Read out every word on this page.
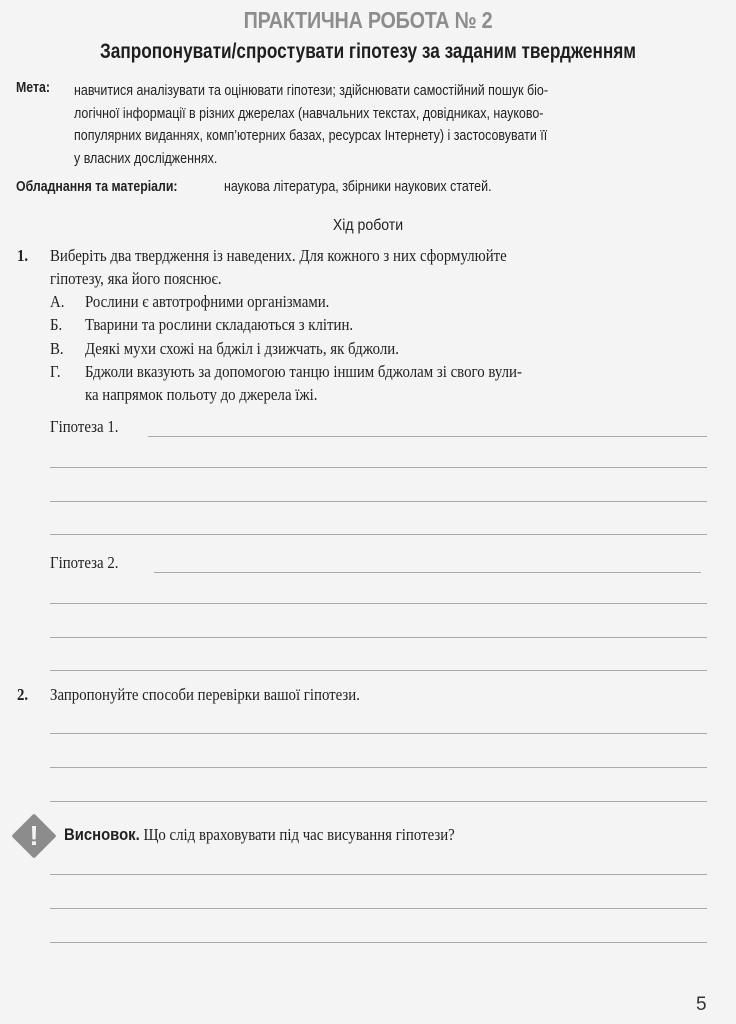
ПРАКТИЧНА РОБОТА № 2
Запропонувати/спростувати гіпотезу за заданим твердженням
Мета: навчитися аналізувати та оцінювати гіпотези; здійснювати самостійний пошук біо-
логічної інформації в різних джерелах (навчальних текстах, довідниках, науково-
популярних виданнях, комп’ютерних базах, ресурсах Інтернету) і застосовувати її
у власних дослідженнях.
Обладнання та матеріали:	наукова література, збірники наукових статей.
Хід роботи
1. Виберіть два твердження із наведених. Для кожного з них сформулюйте
гіпотезу, яка його пояснює.
А. Рослини є автотрофними організмами.
Б. Тварини та рослини складаються з клітин.
В. Деякі мухи схожі на бджіл і дзижчать, як бджоли.
Г. Бджоли вказують за допомогою танцю іншим бджолам зі свого вули-
ка напрямок польоту до джерела їжі.
Гіпотеза 1.
Гіпотеза 2.
2. Запропонуйте способи перевірки вашої гіпотези.
!	Висновок. Що слід враховувати під час висування гіпотези?
5
